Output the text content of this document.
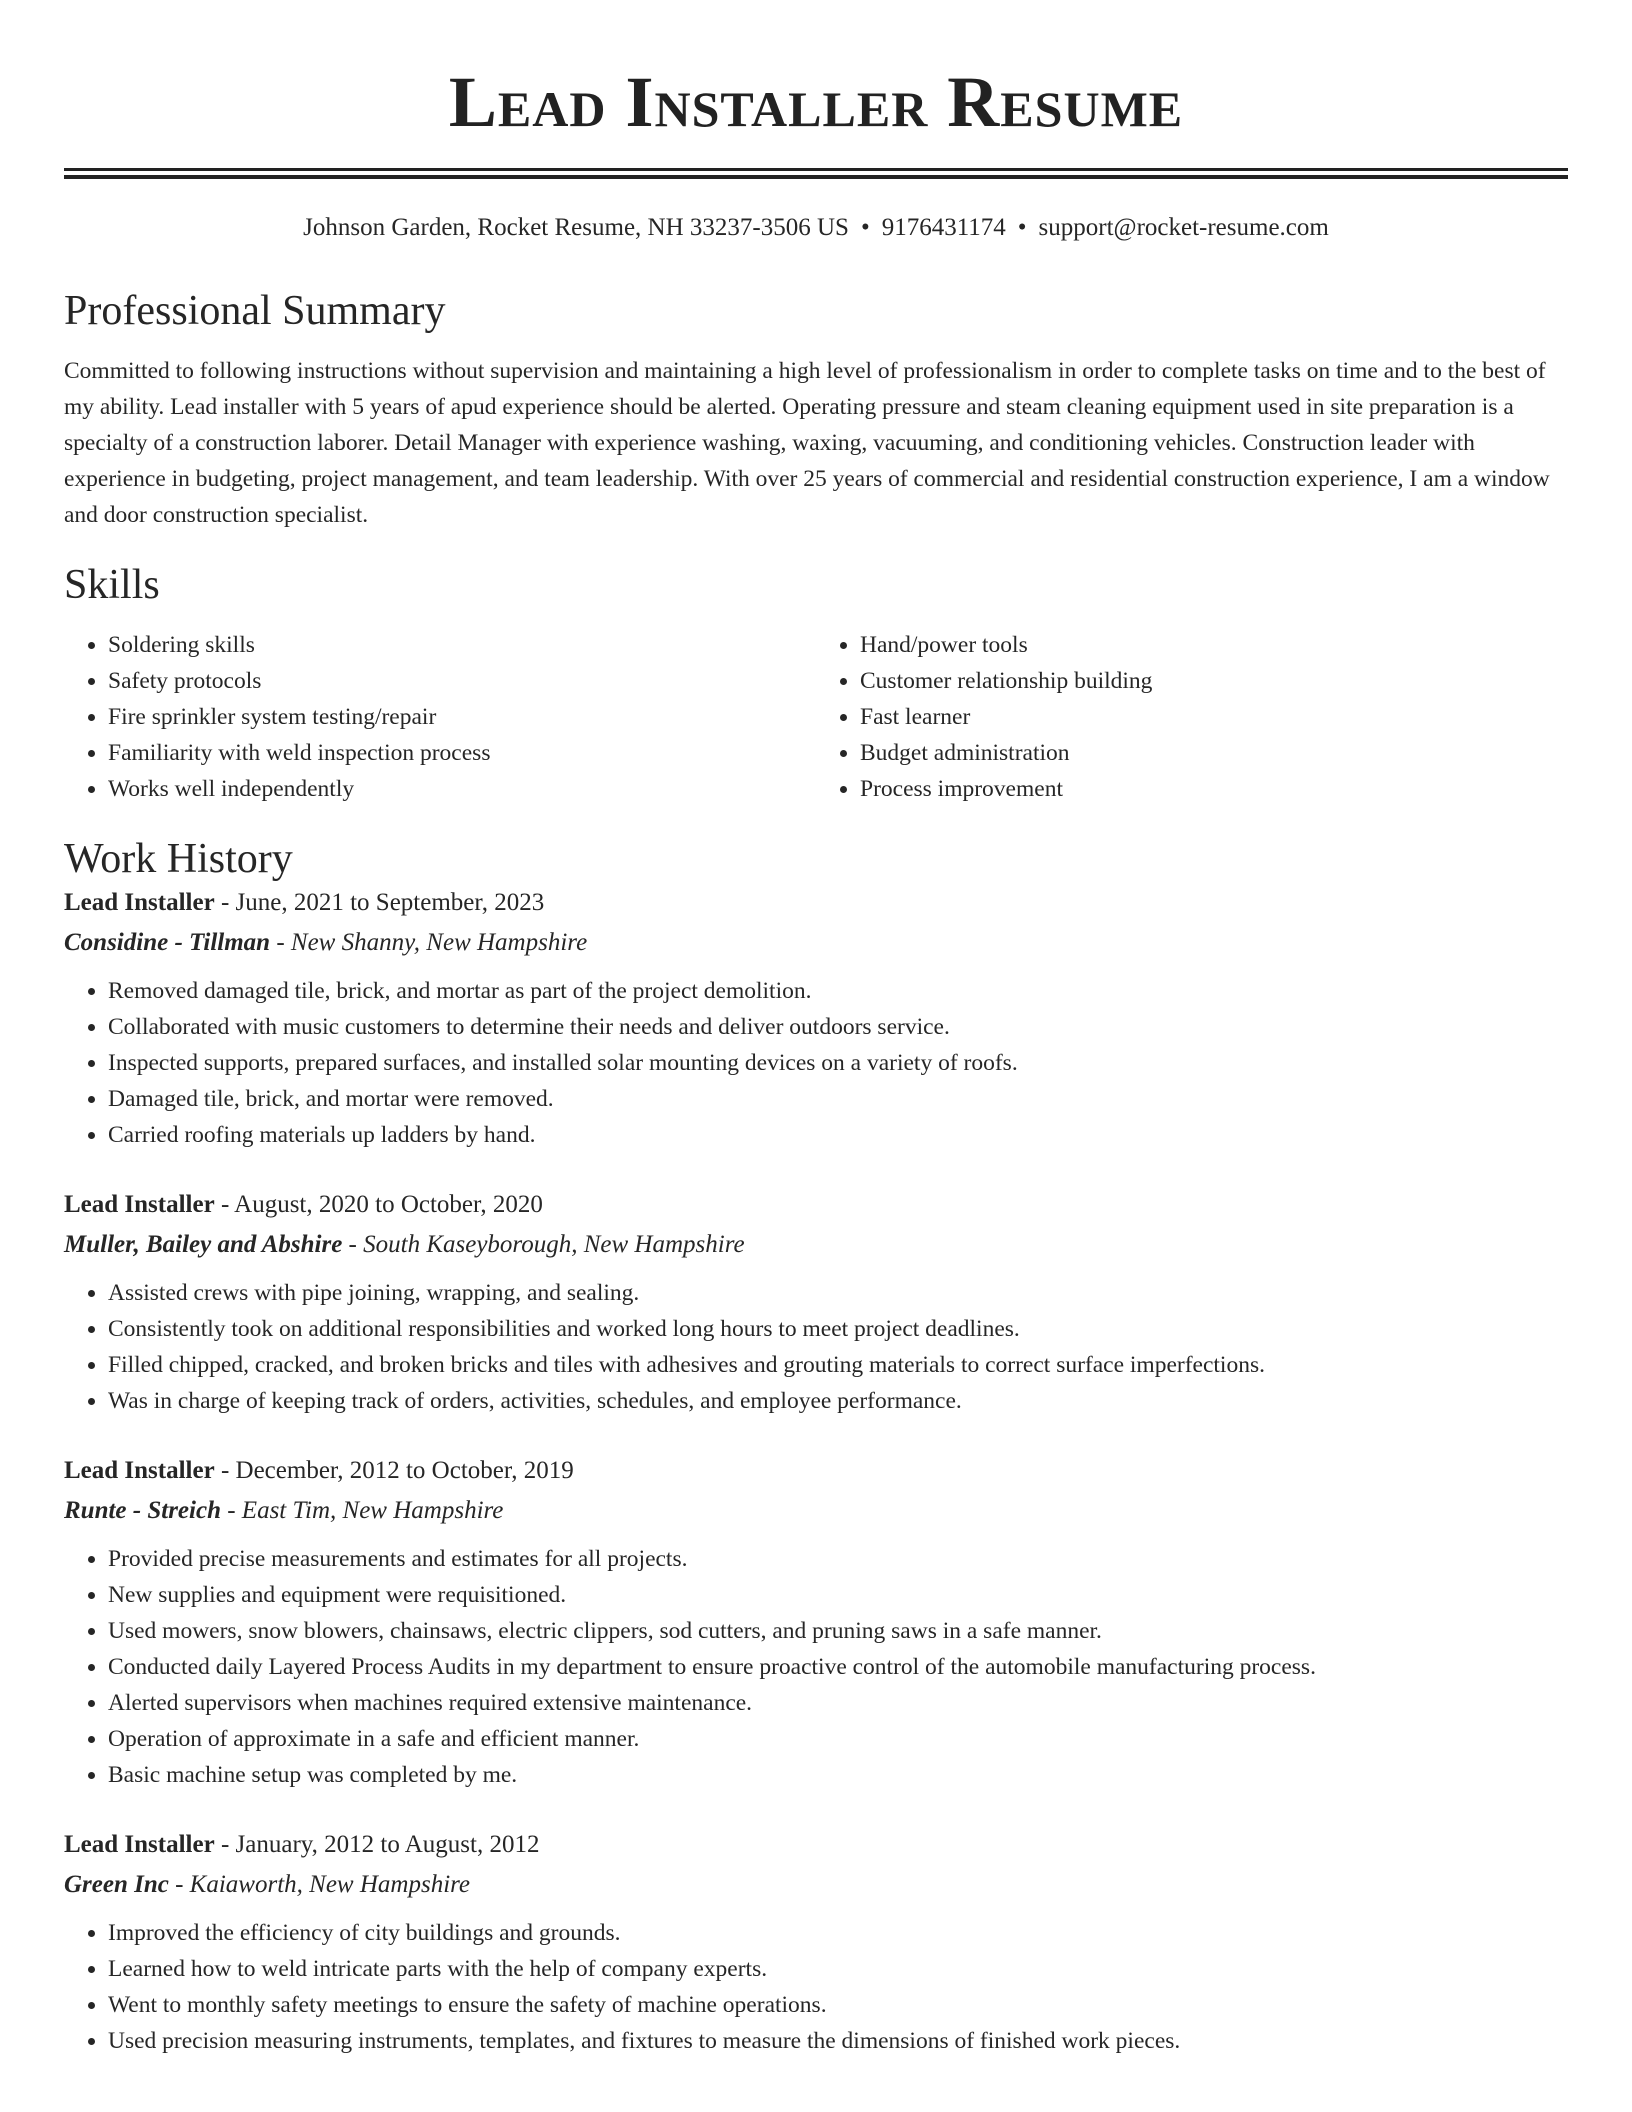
Lead Installer Resume
Johnson Garden, Rocket Resume, NH 33237-3506 US • 9176431174 • support@rocket-resume.com
Professional Summary
Committed to following instructions without supervision and maintaining a high level of professionalism in order to complete tasks on time and to the best of my ability. Lead installer with 5 years of apud experience should be alerted. Operating pressure and steam cleaning equipment used in site preparation is a specialty of a construction laborer. Detail Manager with experience washing, waxing, vacuuming, and conditioning vehicles. Construction leader with experience in budgeting, project management, and team leadership. With over 25 years of commercial and residential construction experience, I am a window and door construction specialist.
Skills
• Soldering skills
• Safety protocols
• Fire sprinkler system testing/repair
• Familiarity with weld inspection process
• Works well independently
• Hand/power tools
• Customer relationship building
• Fast learner
• Budget administration
• Process improvement
Work History
Lead Installer - June, 2021 to September, 2023
Considine - Tillman - New Shanny, New Hampshire
• Removed damaged tile, brick, and mortar as part of the project demolition.
• Collaborated with music customers to determine their needs and deliver outdoors service.
• Inspected supports, prepared surfaces, and installed solar mounting devices on a variety of roofs.
• Damaged tile, brick, and mortar were removed.
• Carried roofing materials up ladders by hand.
Lead Installer - August, 2020 to October, 2020
Muller, Bailey and Abshire - South Kaseyborough, New Hampshire
• Assisted crews with pipe joining, wrapping, and sealing.
• Consistently took on additional responsibilities and worked long hours to meet project deadlines.
• Filled chipped, cracked, and broken bricks and tiles with adhesives and grouting materials to correct surface imperfections.
• Was in charge of keeping track of orders, activities, schedules, and employee performance.
Lead Installer - December, 2012 to October, 2019
Runte - Streich - East Tim, New Hampshire
• Provided precise measurements and estimates for all projects.
• New supplies and equipment were requisitioned.
• Used mowers, snow blowers, chainsaws, electric clippers, sod cutters, and pruning saws in a safe manner.
• Conducted daily Layered Process Audits in my department to ensure proactive control of the automobile manufacturing process.
• Alerted supervisors when machines required extensive maintenance.
• Operation of approximate in a safe and efficient manner.
• Basic machine setup was completed by me.
Lead Installer - January, 2012 to August, 2012
Green Inc - Kaiaworth, New Hampshire
• Improved the efficiency of city buildings and grounds.
• Learned how to weld intricate parts with the help of company experts.
• Went to monthly safety meetings to ensure the safety of machine operations.
• Used precision measuring instruments, templates, and fixtures to measure the dimensions of finished work pieces.
